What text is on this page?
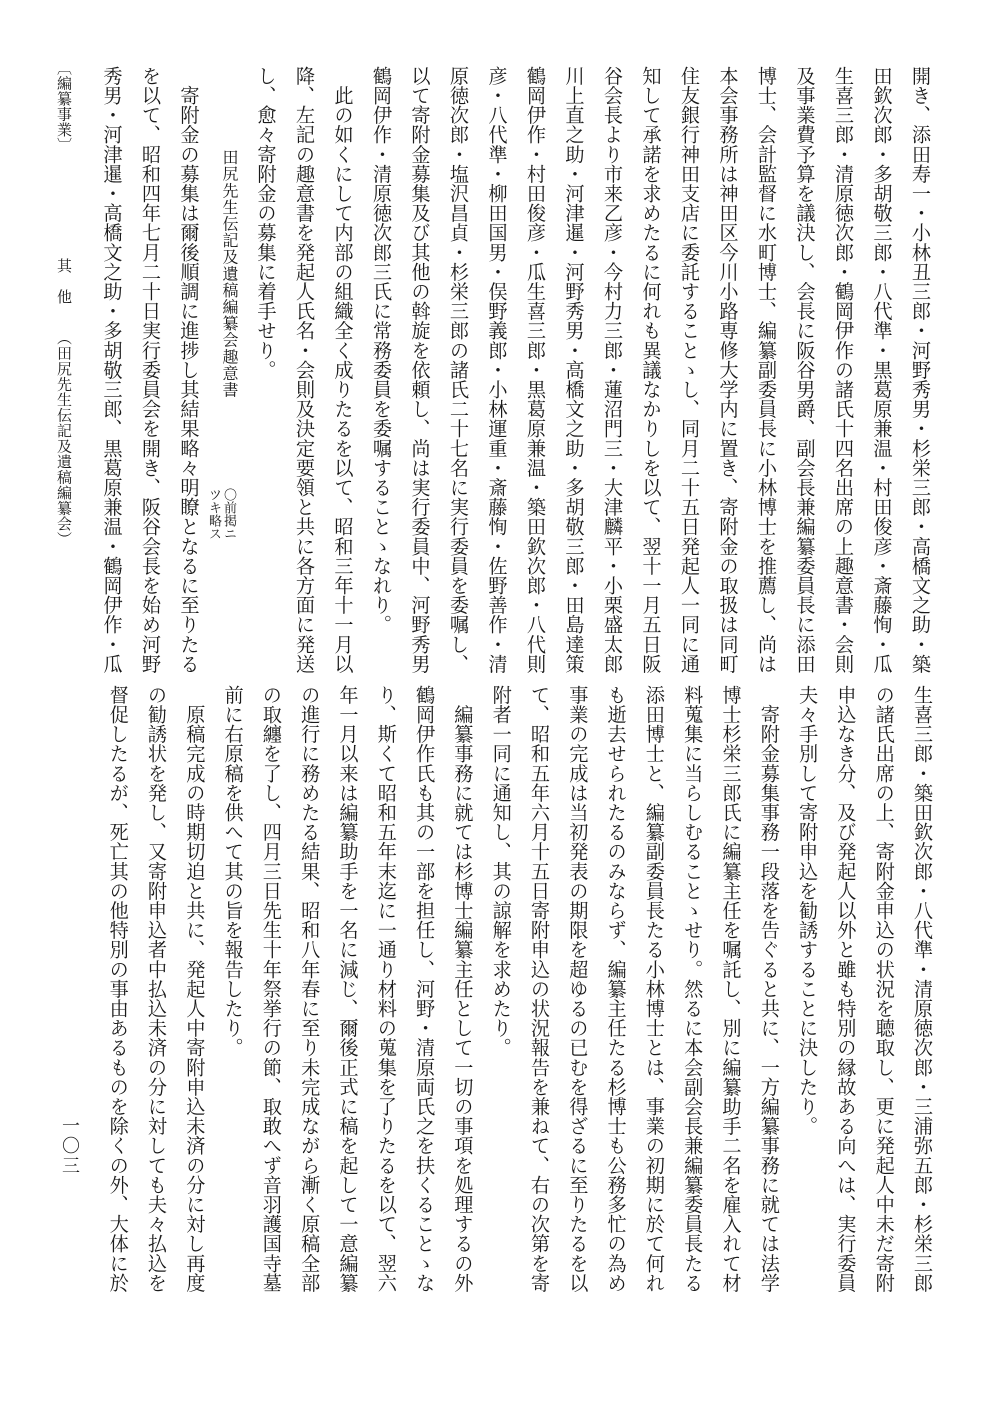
開き、添田寿一・小林丑三郎・河野秀男・杉栄三郎・高橋文之助・築
田欽次郎・多胡敬三郎・八代準・黒葛原兼温・村田俊彦・斎藤恂・瓜
生喜三郎・清原徳次郎・鶴岡伊作の諸氏十四名出席の上趣意書・会則
及事業費予算を議決し、会長に阪谷男爵、副会長兼編纂委員長に添田
博士、会計監督に水町博士、編纂副委員長に小林博士を推薦し、尚は
本会事務所は神田区今川小路専修大学内に置き、寄附金の取扱は同町
住友銀行神田支店に委託することゝし、同月二十五日発起人一同に通
知して承諾を求めたるに何れも異議なかりしを以て、翌十一月五日阪
谷会長より市来乙彦・今村力三郎・蓮沼門三・大津麟平・小栗盛太郎
川上直之助・河津暹・河野秀男・高橋文之助・多胡敬三郎・田島達策
鶴岡伊作・村田俊彦・瓜生喜三郎・黒葛原兼温・築田欽次郎・八代則
彦・八代準・柳田国男・俣野義郎・小林運重・斎藤恂・佐野善作・清
原徳次郎・塩沢昌貞・杉栄三郎の諸氏二十七名に実行委員を委嘱し、
以て寄附金募集及び其他の斡旋を依頼し、尚は実行委員中、河野秀男
鶴岡伊作・清原徳次郎三氏に常務委員を委嘱することゝなれり。
　此の如くにして内部の組織全く成りたるを以て、昭和三年十一月以
降、左記の趣意書を発起人氏名・会則及決定要領と共に各方面に発送
し、愈々寄附金の募集に着手せり。
　　　　　田尻先生伝記及遺稿編纂会趣意書
　寄附金の募集は爾後順調に進捗し其結果略々明瞭となるに至りたる
を以て、昭和四年七月二十日実行委員会を開き、阪谷会長を始め河野
秀男・河津暹・高橋文之助・多胡敬三郎、黒葛原兼温・鶴岡伊作・瓜	〇前掲ニ
ツキ略ス
生喜三郎・築田欽次郎・八代準・清原徳次郎・三浦弥五郎・杉栄三郎
の諸氏出席の上、寄附金申込の状況を聴取し、更に発起人中未だ寄附
申込なき分、及び発起人以外と雖も特別の縁故ある向へは、実行委員
夫々手別して寄附申込を勧誘することに決したり。
　寄附金募集事務一段落を告ぐると共に、一方編纂事務に就ては法学
博士杉栄三郎氏に編纂主任を嘱託し、別に編纂助手二名を雇入れて材
料蒐集に当らしむることゝせり。然るに本会副会長兼編纂委員長たる
添田博士と、編纂副委員長たる小林博士とは、事業の初期に於て何れ
も逝去せられたるのみならず、編纂主任たる杉博士も公務多忙の為め
事業の完成は当初発表の期限を超ゆるの已むを得ざるに至りたるを以
て、昭和五年六月十五日寄附申込の状況報告を兼ねて、右の次第を寄
附者一同に通知し、其の諒解を求めたり。
　編纂事務に就ては杉博士編纂主任として一切の事項を処理するの外
鶴岡伊作氏も其の一部を担任し、河野・清原両氏之を扶くることゝな
り、斯くて昭和五年末迄に一通り材料の蒐集を了りたるを以て、翌六
年一月以来は編纂助手を一名に減じ、爾後正式に稿を起して一意編纂
の進行に務めたる結果、昭和八年春に至り未完成ながら漸く原稿全部
の取纏を了し、四月三日先生十年祭挙行の節、取敢へず音羽護国寺墓
前に右原稿を供へて其の旨を報告したり。
　原稿完成の時期切迫と共に、発起人中寄附申込未済の分に対し再度
の勧誘状を発し、又寄附申込者中払込未済の分に対しても夫々払込を
督促したるが、死亡其の他特別の事由あるものを除くの外、大体に於
〔編纂事業〕
其　他
（田尻先生伝記及遺稿編纂会）
一〇三
